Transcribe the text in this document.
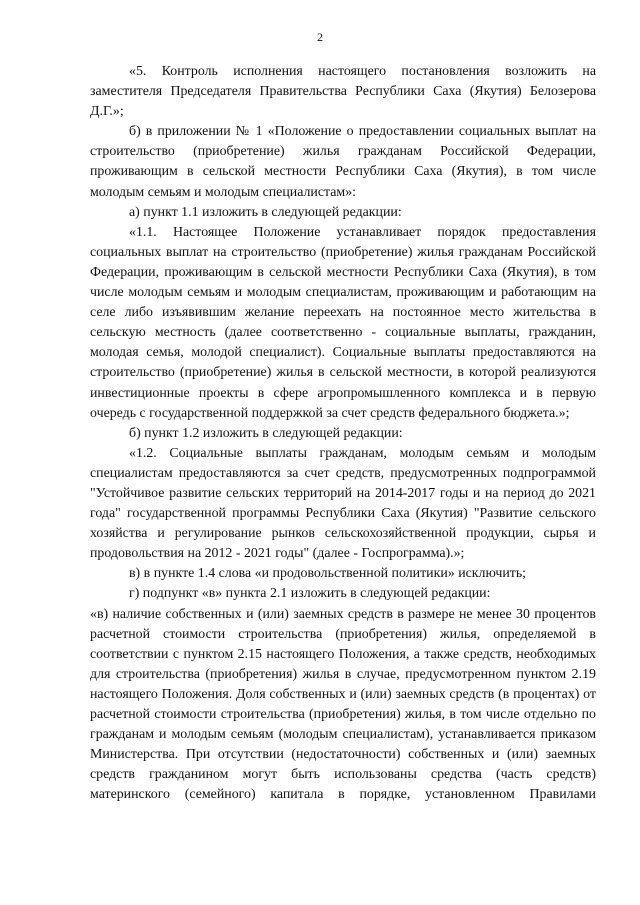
2

«5. Контроль исполнения настоящего постановления возложить на заместителя Председателя Правительства Республики Саха (Якутия) Белозерова Д.Г.»;

б) в приложении № 1 «Положение о предоставлении социальных выплат на строительство (приобретение) жилья гражданам Российской Федерации, проживающим в сельской местности Республики Саха (Якутия), в том числе молодым семьям и молодым специалистам»:

а) пункт 1.1 изложить в следующей редакции:

«1.1. Настоящее Положение устанавливает порядок предоставления социальных выплат на строительство (приобретение) жилья гражданам Российской Федерации, проживающим в сельской местности Республики Саха (Якутия), в том числе молодым семьям и молодым специалистам, проживающим и работающим на селе либо изъявившим желание переехать на постоянное место жительства в сельскую местность (далее соответственно - социальные выплаты, гражданин, молодая семья, молодой специалист). Социальные выплаты предоставляются на строительство (приобретение) жилья в сельской местности, в которой реализуются инвестиционные проекты в сфере агропромышленного комплекса и в первую очередь с государственной поддержкой за счет средств федерального бюджета.»;

б) пункт 1.2 изложить в следующей редакции:

«1.2. Социальные выплаты гражданам, молодым семьям и молодым специалистам предоставляются за счет средств, предусмотренных подпрограммой "Устойчивое развитие сельских территорий на 2014-2017 годы и на период до 2021 года" государственной программы Республики Саха (Якутия) "Развитие сельского хозяйства и регулирование рынков сельскохозяйственной продукции, сырья и продовольствия на 2012 - 2021 годы" (далее - Госпрограмма).»;

в) в пункте 1.4 слова «и продовольственной политики» исключить;

г) подпункт «в» пункта 2.1 изложить в следующей редакции:

«в) наличие собственных и (или) заемных средств в размере не менее 30 процентов расчетной стоимости строительства (приобретения) жилья, определяемой в соответствии с пунктом 2.15 настоящего Положения, а также средств, необходимых для строительства (приобретения) жилья в случае, предусмотренном пунктом 2.19 настоящего Положения. Доля собственных и (или) заемных средств (в процентах) от расчетной стоимости строительства (приобретения) жилья, в том числе отдельно по гражданам и молодым семьям (молодым специалистам), устанавливается приказом Министерства. При отсутствии (недостаточности) собственных и (или) заемных средств гражданином могут быть использованы средства (часть средств) материнского (семейного) капитала в порядке, установленном Правилами
